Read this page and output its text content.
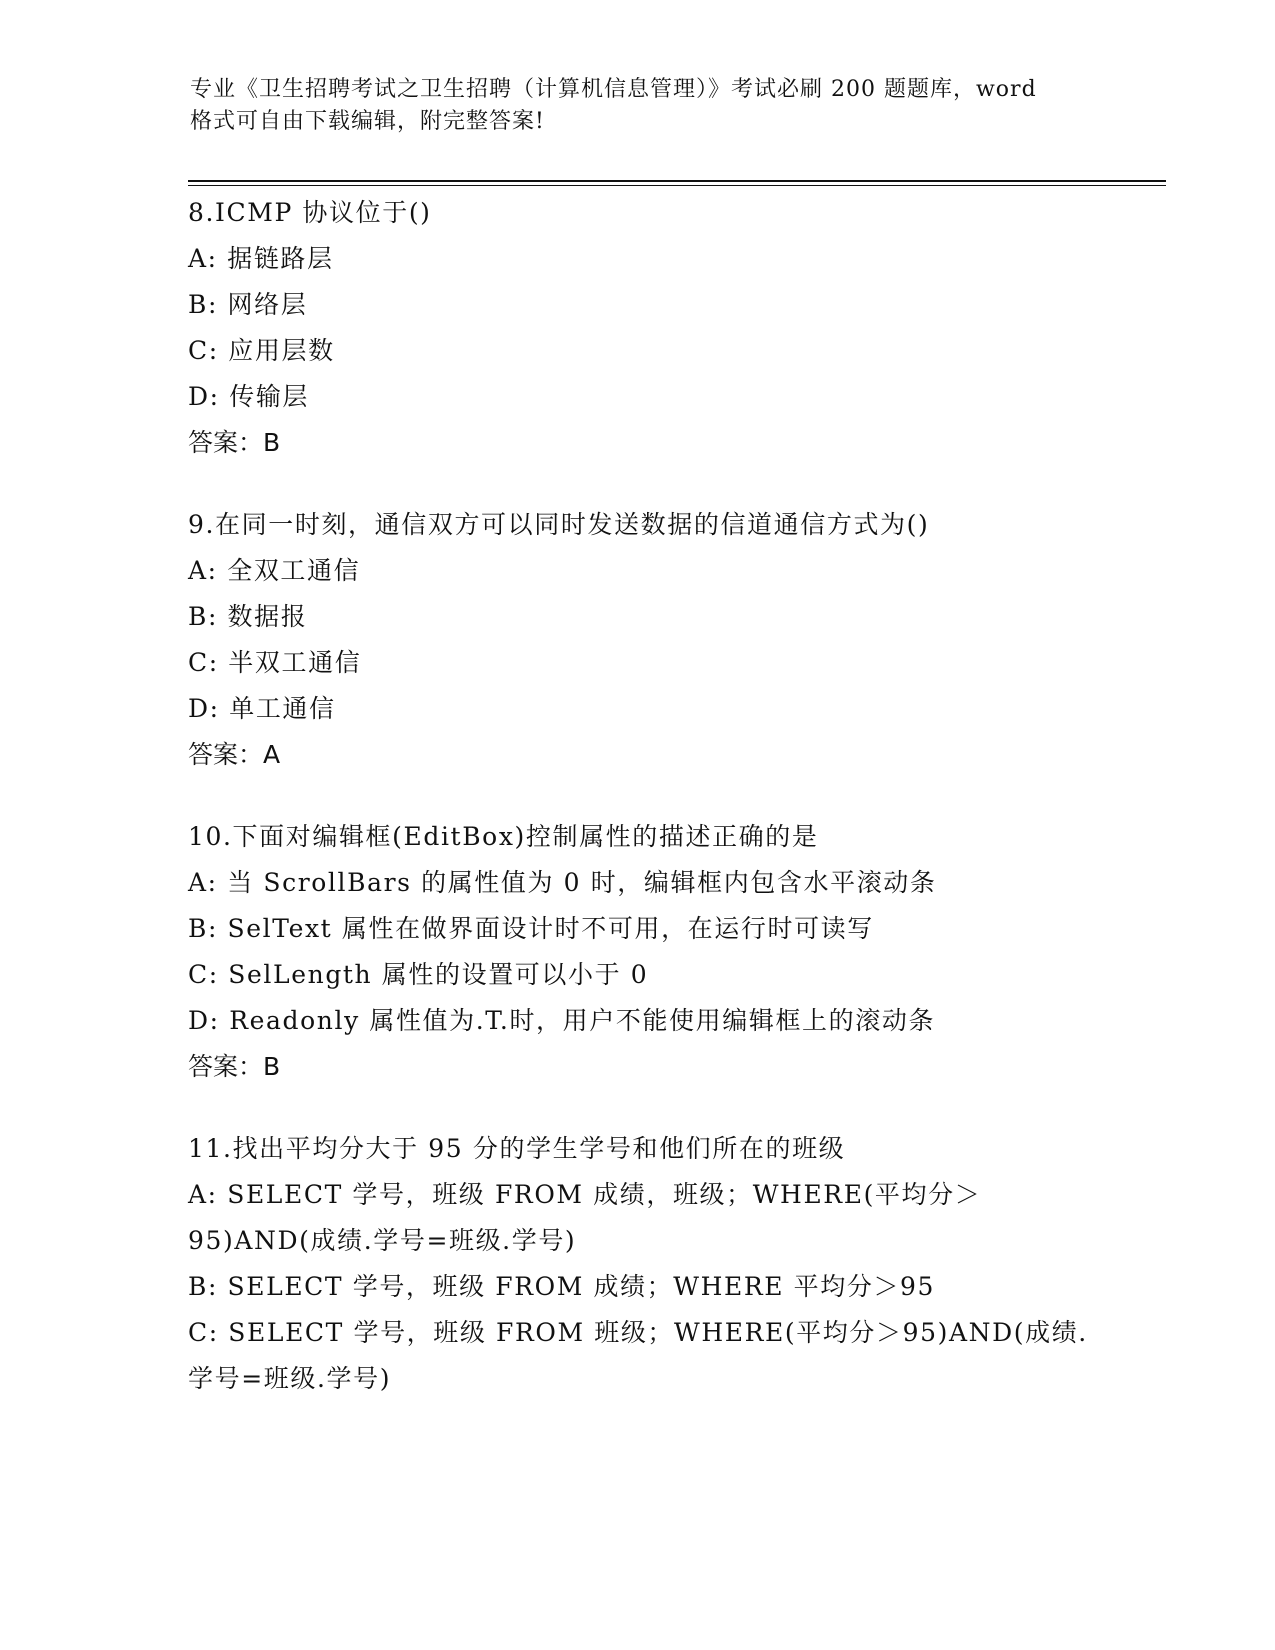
专业《卫生招聘考试之卫生招聘（计算机信息管理）》考试必刷 200 题题库，word
格式可自由下载编辑，附完整答案!
8.ICMP 协议位于()
A: 据链路层
B: 网络层
C: 应用层数
D: 传输层
答案：B
9.在同一时刻，通信双方可以同时发送数据的信道通信方式为()
A: 全双工通信
B: 数据报
C: 半双工通信
D: 单工通信
答案：A
10.下面对编辑框(EditBox)控制属性的描述正确的是
A: 当 ScrollBars 的属性值为 0 时，编辑框内包含水平滚动条
B: SelText 属性在做界面设计时不可用，在运行时可读写
C: SelLength 属性的设置可以小于 0
D: Readonly 属性值为.T.时，用户不能使用编辑框上的滚动条
答案：B
11.找出平均分大于 95 分的学生学号和他们所在的班级
A: SELECT 学号，班级 FROM 成绩，班级；WHERE(平均分＞95)AND(成绩.学号=班级.学号)
B: SELECT 学号，班级 FROM 成绩；WHERE 平均分＞95
C: SELECT 学号，班级 FROM 班级；WHERE(平均分＞95)AND(成绩.学号=班级.学号)
